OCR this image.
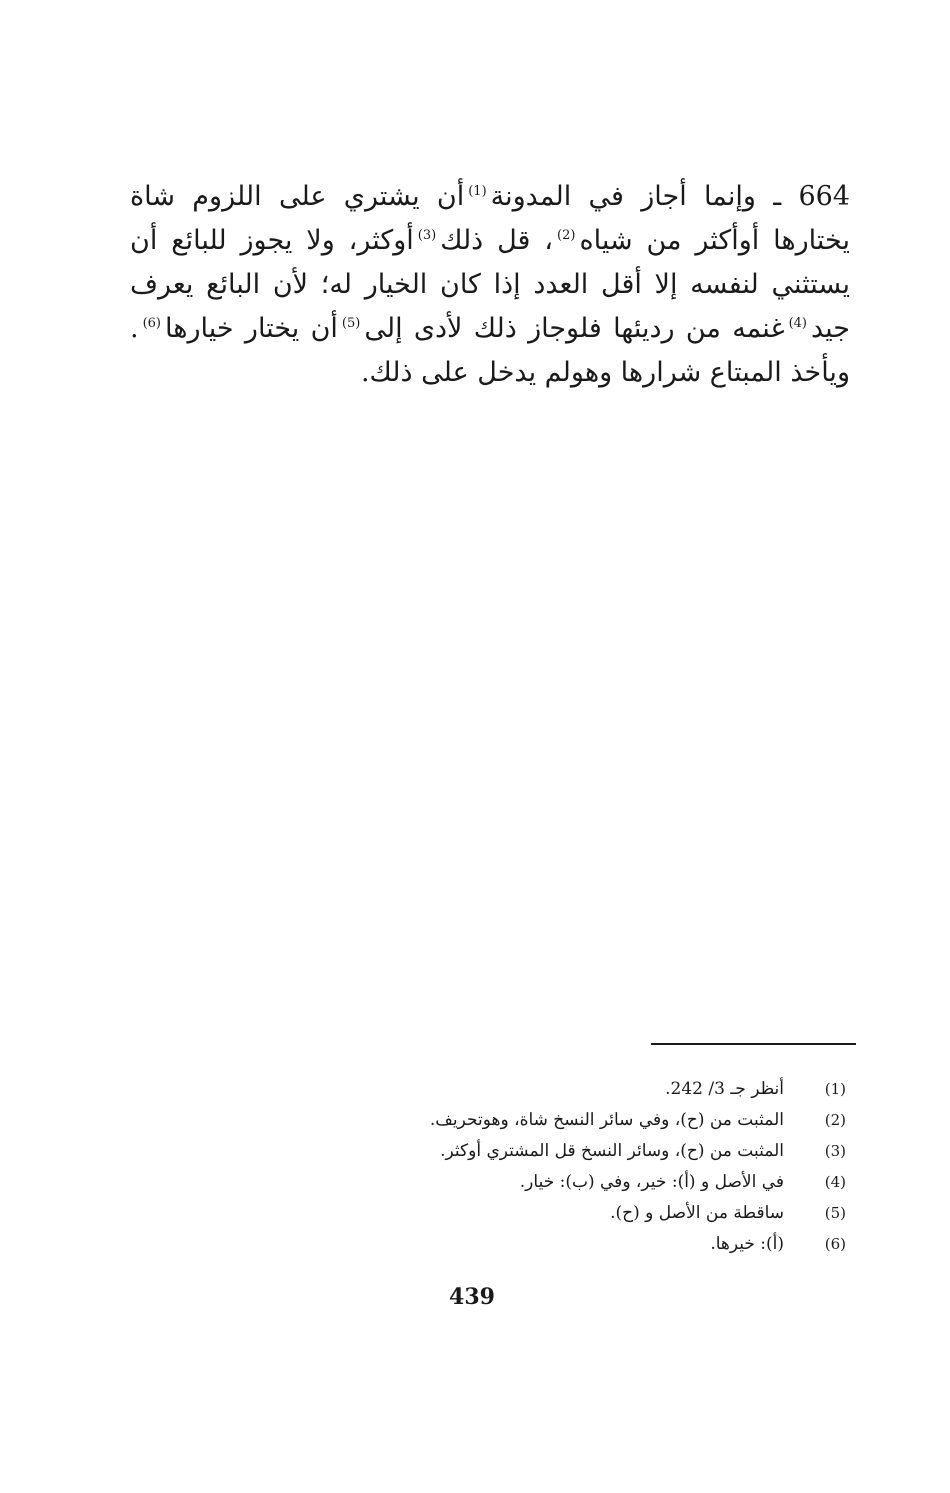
664 ـ وإنما أجاز في المدونة$^{(1)}$أن يشتري على اللزوم شاة يختارها أوأكثر من شياه$^{(2)}$، قل ذلك$^{(3)}$أوكثر، ولا يجوز للبائع أن يستثني لنفسه إلا أقل العدد إذا كان الخيار له؛ لأن البائع يعرف جيد$^{(4)}$غنمه من رديئها فلوجاز ذلك لأدى إلى$^{(5)}$أن يختار خيارها$^{(6)}$. ويأخذ المبتاع شرارها وهولم يدخل على ذلك.

(1)
أنظر جـ 3/ 242.
(2)
المثبت من (ح)، وفي سائر النسخ شاة، وهوتحريف.
(3)
المثبت من (ح)، وسائر النسخ قل المشتري أوكثر.
(4)
في الأصل و (أ): خير، وفي (ب): خيار.
(5)
ساقطة من الأصل و (ح).
(6)
(أ): خيرها.
439
